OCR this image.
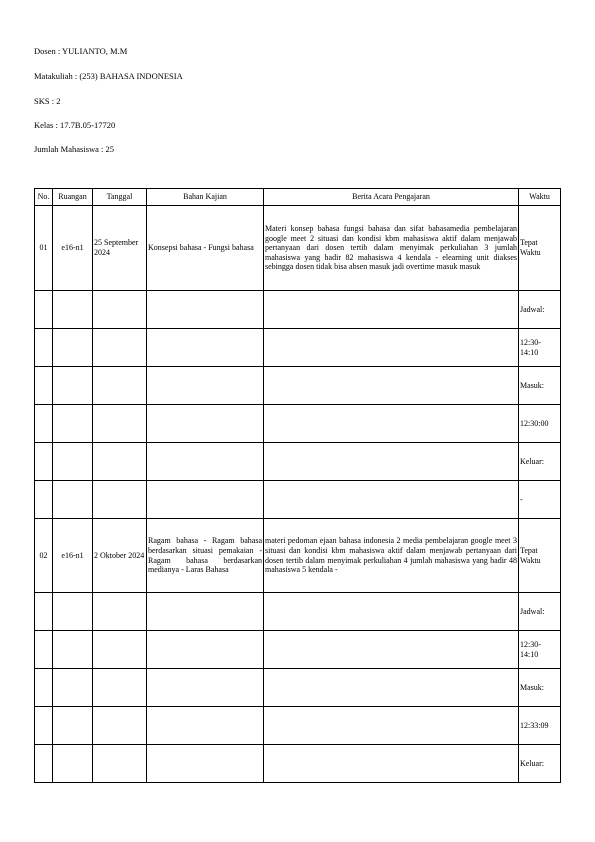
Dosen : YULIANTO, M.M
Matakuliah : (253) BAHASA INDONESIA
SKS : 2
Kelas : 17.7B.05-17720
Jumlah Mahasiswa : 25
No.	Ruangan	Tanggal	Bahan Kajian	Berita Acara Pengajaran	Waktu
01	e16-n1	25 September 2024	Konsepsi bahasa - Fungsi bahasa	Materi konsep bahasa fungsi bahasa dan sifat bahasamedia pembelajaran google meet 2 situasi dan kondisi kbm mahasiswa aktif dalam menjawab pertanyaan dari dosen tertib dalam menyimak perkuliahan 3 jumlah mahasiswa yang hadir 82 mahasiswa 4 kendala - elearning unit diakses sebingga dosen tidak bisa absen masuk jadi overtime masuk masuk	Tepat Waktu
					Jadwal:
					12:30-14:10
					Masuk:
					12:30:00
					Keluar:
					-
02	e16-n1	2 Oktober 2024	Ragam bahasa - Ragam bahasa berdasarkan situasi pemakaian - Ragam bahasa berdasarkan medianya - Laras Bahasa	materi pedoman ejaan bahasa indonesia 2 media pembelajaran google meet 3 situasi dan kondisi kbm mahasiswa aktif dalam menjawab pertanyaan dari dosen tertib dalam menyimak perkuliahan 4 jumlah mahasiswa yang hadir 48 mahasiswa 5 kendala -	Tepat Waktu
					Jadwal:
					12:30-14:10
					Masuk:
					12:33:09
					Keluar:
